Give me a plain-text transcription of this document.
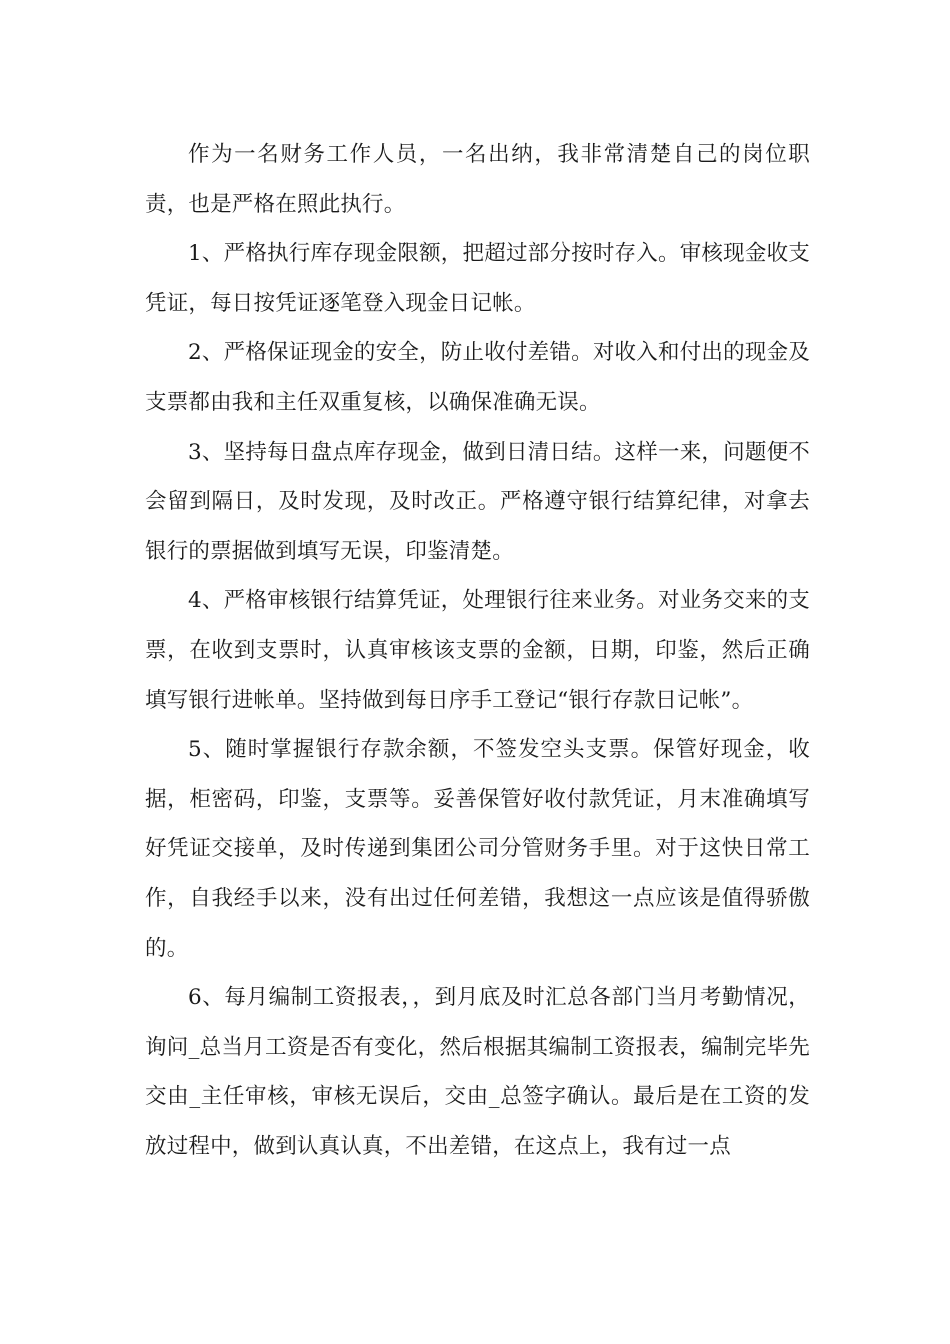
作为一名财务工作人员，一名出纳，我非常清楚自己的岗位职责，也是严格在照此执行。

1、严格执行库存现金限额，把超过部分按时存入。审核现金收支凭证，每日按凭证逐笔登入现金日记帐。

2、严格保证现金的安全，防止收付差错。对收入和付出的现金及支票都由我和主任双重复核，以确保准确无误。

3、坚持每日盘点库存现金，做到日清日结。这样一来，问题便不会留到隔日，及时发现，及时改正。严格遵守银行结算纪律，对拿去银行的票据做到填写无误，印鉴清楚。

4、严格审核银行结算凭证，处理银行往来业务。对业务交来的支票，在收到支票时，认真审核该支票的金额，日期，印鉴，然后正确填写银行进帐单。坚持做到每日序手工登记“银行存款日记帐”。

5、随时掌握银行存款余额，不签发空头支票。保管好现金，收据，柜密码，印鉴，支票等。妥善保管好收付款凭证，月末准确填写好凭证交接单，及时传递到集团公司分管财务手里。对于这快日常工作，自我经手以来，没有出过任何差错，我想这一点应该是值得骄傲的。

6、每月编制工资报表，，到月底及时汇总各部门当月考勤情况，询问_总当月工资是否有变化，然后根据其编制工资报表，编制完毕先交由_主任审核，审核无误后，交由_总签字确认。最后是在工资的发放过程中，做到认真认真，不出差错，在这点上，我有过一点
